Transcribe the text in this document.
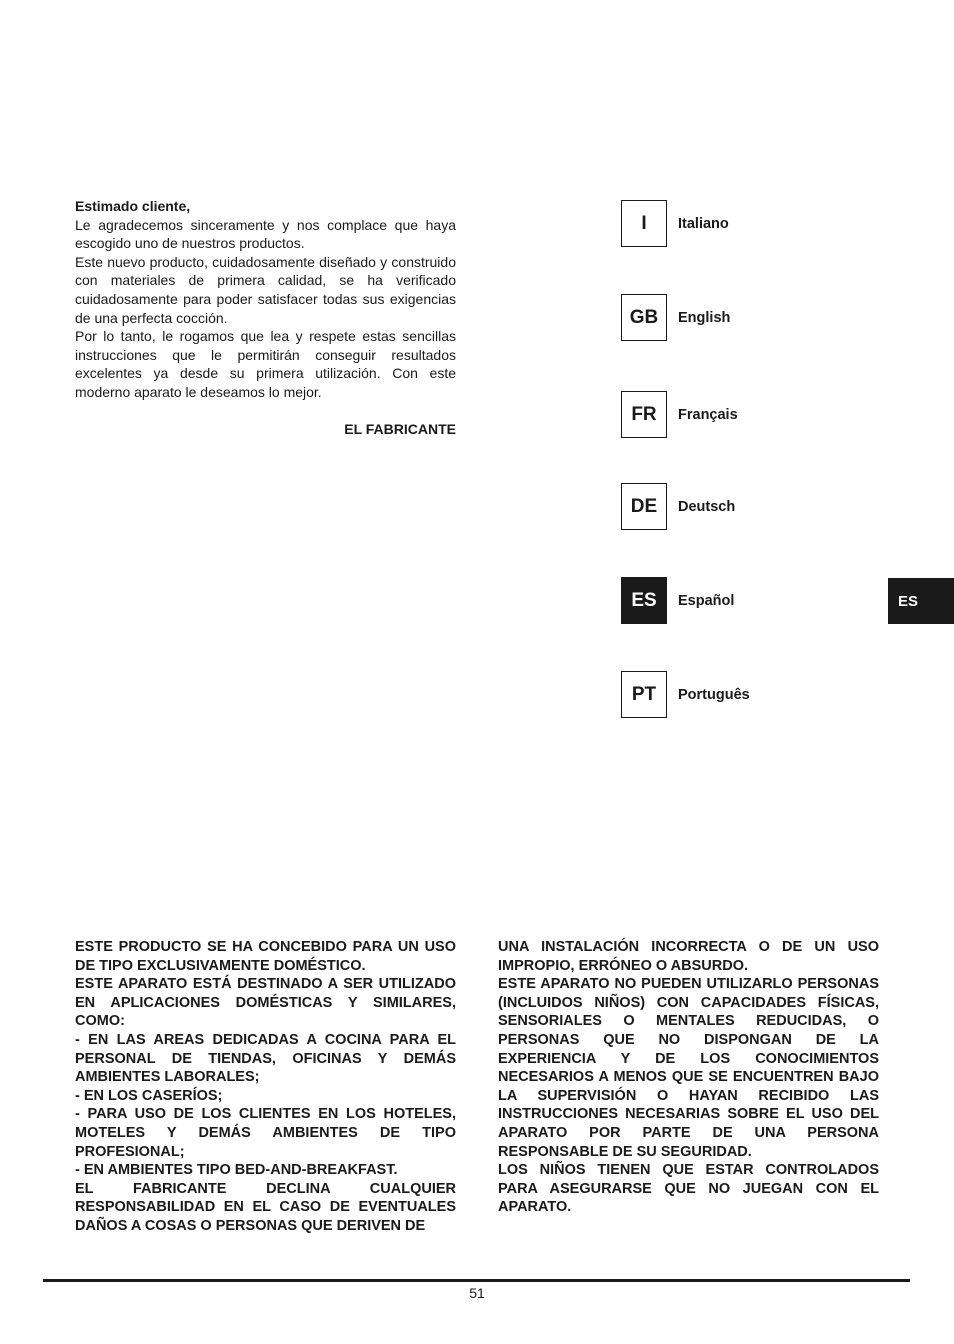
Estimado cliente,

Le agradecemos sinceramente y nos complace que haya escogido uno de nuestros productos.

Este nuevo producto, cuidadosamente diseñado y construido con materiales de primera calidad, se ha verificado cuidadosamente para poder satisfacer todas sus exigencias de una perfecta cocción.

Por lo tanto, le rogamos que lea y respete estas sencillas instrucciones que le permitirán conseguir resultados excelentes ya desde su primera utilización. Con este moderno aparato le deseamos lo mejor.

EL FABRICANTE

I	Italiano
GB	English
FR	Français
DE	Deutsch
ES	Español
PT	Português
ES

ESTE PRODUCTO SE HA CONCEBIDO PARA UN USO DE TIPO EXCLUSIVAMENTE DOMÉSTICO.

ESTE APARATO ESTÁ DESTINADO A SER UTILIZADO EN APLICACIONES DOMÉSTICAS Y SIMILARES, COMO:

- EN LAS AREAS DEDICADAS A COCINA PARA EL PERSONAL DE TIENDAS, OFICINAS Y DEMÁS AMBIENTES LABORALES;

- EN LOS CASERÍOS;

- PARA USO DE LOS CLIENTES EN LOS HOTELES, MOTELES Y DEMÁS AMBIENTES DE TIPO PROFESIONAL;

- EN AMBIENTES TIPO BED-AND-BREAKFAST.

EL FABRICANTE DECLINA CUALQUIER RESPONSABILIDAD EN EL CASO DE EVENTUALES DAÑOS A COSAS O PERSONAS QUE DERIVEN DE

UNA INSTALACIÓN INCORRECTA O DE UN USO IMPROPIO, ERRÓNEO O ABSURDO.

ESTE APARATO NO PUEDEN UTILIZARLO PERSONAS (INCLUIDOS NIÑOS) CON CAPACIDADES FÍSICAS, SENSORIALES O MENTALES REDUCIDAS, O PERSONAS QUE NO DISPONGAN DE LA EXPERIENCIA Y DE LOS CONOCIMIENTOS NECESARIOS A MENOS QUE SE ENCUENTREN BAJO LA SUPERVISIÓN O HAYAN RECIBIDO LAS INSTRUCCIONES NECESARIAS SOBRE EL USO DEL APARATO POR PARTE DE UNA PERSONA RESPONSABLE DE SU SEGURIDAD.

LOS NIÑOS TIENEN QUE ESTAR CONTROLADOS PARA ASEGURARSE QUE NO JUEGAN CON EL APARATO.

51
